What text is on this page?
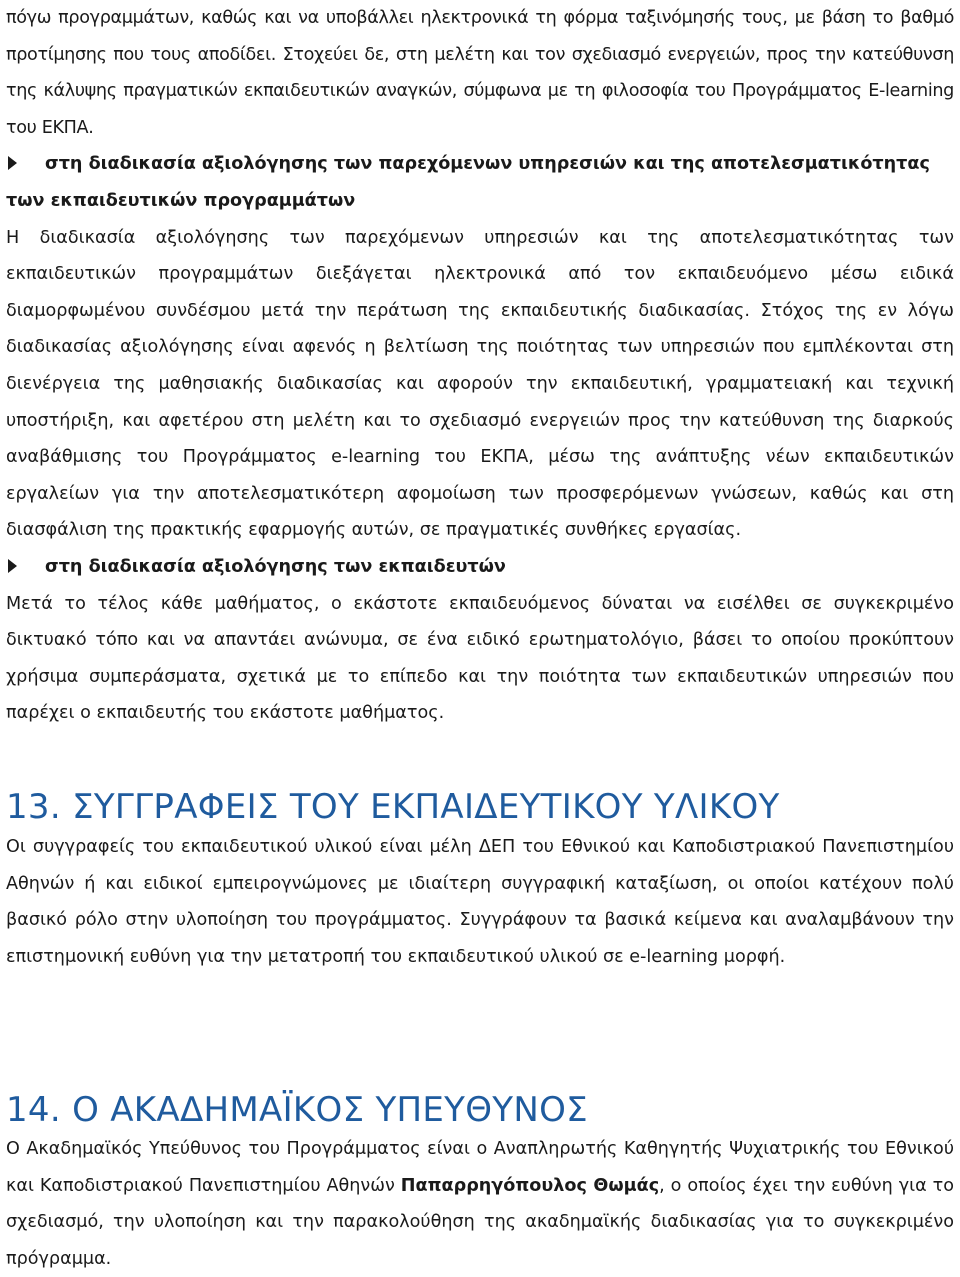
πόγω προγραμμάτων, καθώς και να υποβάλλει ηλεκτρονικά τη φόρμα ταξινόμησής τους, με βάση το βαθμό προτίμησης που τους αποδίδει. Στοχεύει δε, στη μελέτη και τον σχεδιασμό ενεργειών, προς την κατεύθυνση της κάλυψης πραγματικών εκπαιδευτικών αναγκών, σύμφωνα με τη φιλοσοφία του Προγράμματος E-learning του ΕΚΠΑ.

στη διαδικασία αξιολόγησης των παρεχόμενων υπηρεσιών και της αποτελεσματικότητας των εκπαιδευτικών προγραμμάτων

Η διαδικασία αξιολόγησης των παρεχόμενων υπηρεσιών και της αποτελεσματικότητας των εκπαιδευτικών προγραμμάτων διεξάγεται ηλεκτρονικά από τον εκπαιδευόμενο μέσω ειδικά διαμορφωμένου συνδέσμου μετά την περάτωση της εκπαιδευτικής διαδικασίας. Στόχος της εν λόγω διαδικασίας αξιολόγησης είναι αφενός η βελτίωση της ποιότητας των υπηρεσιών που εμπλέκονται στη διενέργεια της μαθησιακής διαδικασίας και αφορούν την εκπαιδευτική, γραμματειακή και τεχνική υποστήριξη, και αφετέρου στη μελέτη και το σχεδιασμό ενεργειών προς την κατεύθυνση της διαρκούς αναβάθμισης του Προγράμματος e-learning του ΕΚΠΑ, μέσω της ανάπτυξης νέων εκπαιδευτικών εργαλείων για την αποτελεσματικότερη αφομοίωση των προσφερόμενων γνώσεων, καθώς και στη διασφάλιση της πρακτικής εφαρμογής αυτών, σε πραγματικές συνθήκες εργασίας.

στη διαδικασία αξιολόγησης των εκπαιδευτών

Μετά το τέλος κάθε μαθήματος, ο εκάστοτε εκπαιδευόμενος δύναται να εισέλθει σε συγκεκριμένο δικτυακό τόπο και να απαντάει ανώνυμα, σε ένα ειδικό ερωτηματολόγιο, βάσει το οποίου προκύπτουν χρήσιμα συμπεράσματα, σχετικά με το επίπεδο και την ποιότητα των εκπαιδευτικών υπηρεσιών που παρέχει ο εκπαιδευτής του εκάστοτε μαθήματος.

13. ΣΥΓΓΡΑΦΕΙΣ ΤΟΥ ΕΚΠΑΙΔΕΥΤΙΚΟΥ ΥΛΙΚΟΥ

Οι συγγραφείς του εκπαιδευτικού υλικού είναι μέλη ΔΕΠ του Εθνικού και Καποδιστριακού Πανεπιστημίου Αθηνών ή και ειδικοί εμπειρογνώμονες με ιδιαίτερη συγγραφική καταξίωση, οι οποίοι κατέχουν πολύ βασικό ρόλο στην υλοποίηση του προγράμματος. Συγγράφουν τα βασικά κείμενα και αναλαμβάνουν την επιστημονική ευθύνη για την μετατροπή του εκπαιδευτικού υλικού σε e-learning μορφή.

14. Ο ΑΚΑΔΗΜΑΪΚΟΣ ΥΠΕΥΘΥΝΟΣ

Ο Ακαδημαϊκός Υπεύθυνος του Προγράμματος είναι ο Αναπληρωτής Καθηγητής Ψυχιατρικής του Εθνικού και Καποδιστριακού Πανεπιστημίου Αθηνών Παπαρρηγόπουλος Θωμάς, ο οποίος έχει την ευθύνη για το σχεδιασμό, την υλοποίηση και την παρακολούθηση της ακαδημαϊκής διαδικασίας για το συγκεκριμένο πρόγραμμα.
